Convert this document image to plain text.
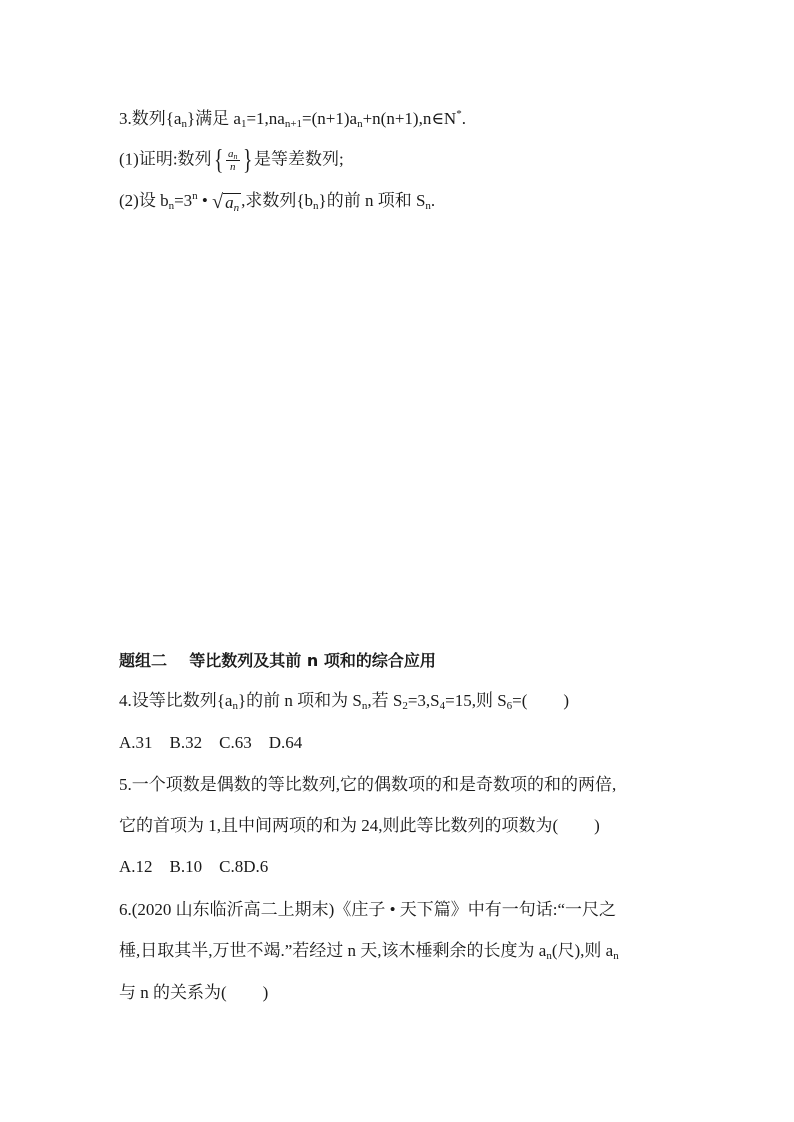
3.数列$\{a_n\}$满足 $a_1=1,na_{n+1}=(n+1)a_n+n(n+1),n\in N^*$.
(1)证明:数列{ $\frac{a_n}{n}$ } 是等差数列;
(2)设 $b_n=3^n$ • √ $a_n$ ,求数列$\{b_n\}$的前 n 项和 $S_n$.
题组二    等比数列及其前 n 项和的综合应用
4.设等比数列$\{a_n\}$的前 n 项和为 $S_n$,若 $S_2=3,S_4=15$,则 $S_6=$( )
A.31    B.32    C.63    D.64
5.一个项数是偶数的等比数列,它的偶数项的和是奇数项的和的两倍,
它的首项为 1,且中间两项的和为 24,则此等比数列的项数为( )
A.12    B.10    C.8D.6
6.(2020 山东临沂高二上期末)《庄子 • 天下篇》中有一句话:“一尺之
棰,日取其半,万世不竭.”若经过 n 天,该木棰剩余的长度为 $a_n$(尺),则 $a_n$
与 n 的关系为( )
